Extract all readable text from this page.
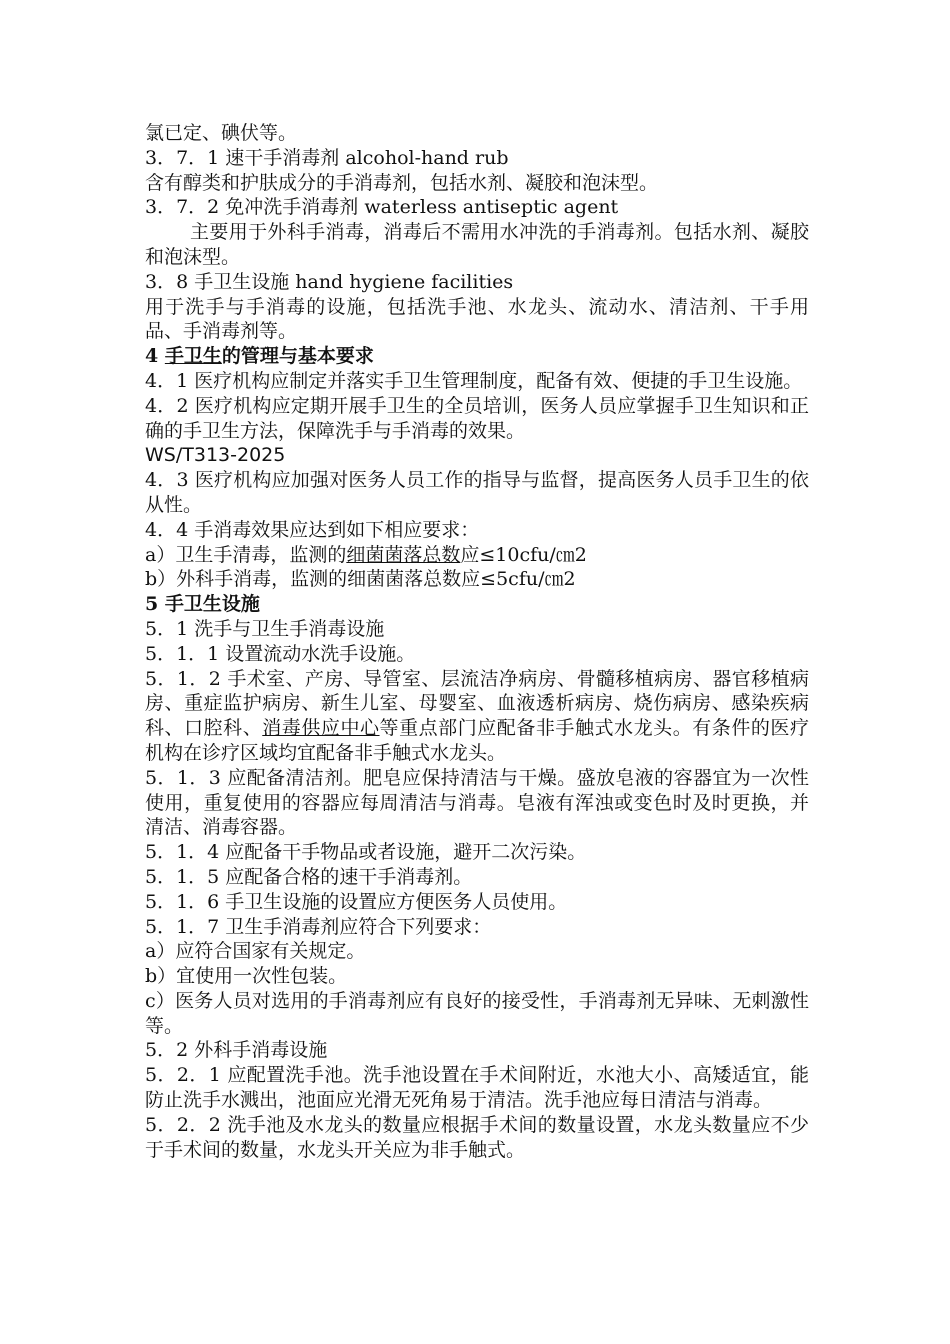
氯已定、碘伏等。
3．7．1 速干手消毒剂 alcohol-hand rub
含有醇类和护肤成分的手消毒剂，包括水剂、凝胶和泡沫型。
3．7．2 免冲洗手消毒剂 waterless antiseptic agent
主要用于外科手消毒，消毒后不需用水冲洗的手消毒剂。包括水剂、凝胶和泡沫型。
3．8 手卫生设施 hand hygiene facilities
用于洗手与手消毒的设施，包括洗手池、水龙头、流动水、清洁剂、干手用品、手消毒剂等。
4 手卫生的管理与基本要求
4．1 医疗机构应制定并落实手卫生管理制度，配备有效、便捷的手卫生设施。
4．2 医疗机构应定期开展手卫生的全员培训，医务人员应掌握手卫生知识和正确的手卫生方法，保障洗手与手消毒的效果。
WS/T313-2025
4．3 医疗机构应加强对医务人员工作的指导与监督，提高医务人员手卫生的依从性。
4．4 手消毒效果应达到如下相应要求：
a）卫生手清毒，监测的细菌菌落总数应≤10cfu/㎝2
b）外科手消毒，监测的细菌菌落总数应≤5cfu/㎝2
5 手卫生设施
5．1 洗手与卫生手消毒设施
5．1．1 设置流动水洗手设施。
5．1．2 手术室、产房、导管室、层流洁净病房、骨髓移植病房、器官移植病房、重症监护病房、新生儿室、母婴室、血液透析病房、烧伤病房、感染疾病科、口腔科、消毒供应中心等重点部门应配备非手触式水龙头。有条件的医疗机构在诊疗区域均宜配备非手触式水龙头。
5．1．3 应配备清洁剂。肥皂应保持清洁与干燥。盛放皂液的容器宜为一次性使用，重复使用的容器应每周清洁与消毒。皂液有浑浊或变色时及时更换，并清洁、消毒容器。
5．1．4 应配备干手物品或者设施，避开二次污染。
5．1．5 应配备合格的速干手消毒剂。
5．1．6 手卫生设施的设置应方便医务人员使用。
5．1．7 卫生手消毒剂应符合下列要求：
a）应符合国家有关规定。
b）宜使用一次性包装。
c）医务人员对选用的手消毒剂应有良好的接受性，手消毒剂无异味、无刺激性等。
5．2 外科手消毒设施
5．2．1 应配置洗手池。洗手池设置在手术间附近，水池大小、高矮适宜，能防止洗手水溅出，池面应光滑无死角易于清洁。洗手池应每日清洁与消毒。
5．2．2 洗手池及水龙头的数量应根据手术间的数量设置，水龙头数量应不少于手术间的数量，水龙头开关应为非手触式。
